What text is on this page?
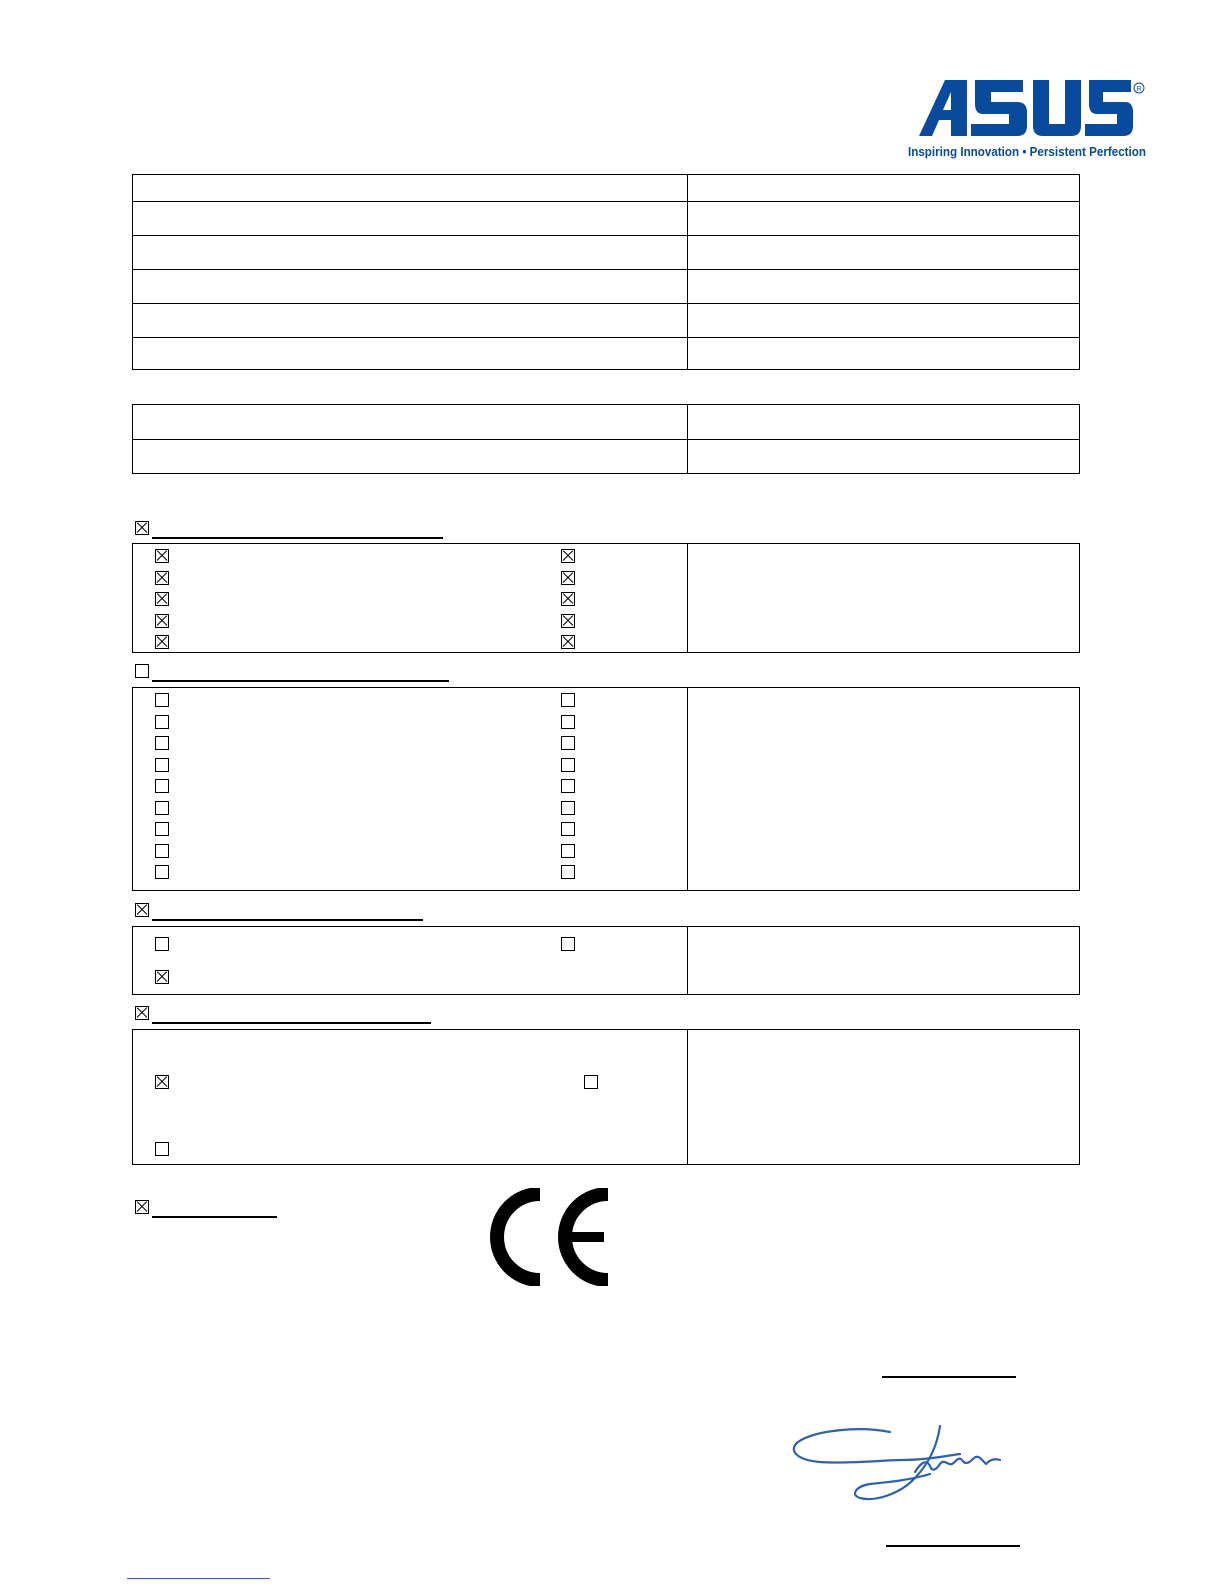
R
Inspiring Innovation • Persistent Perfection
